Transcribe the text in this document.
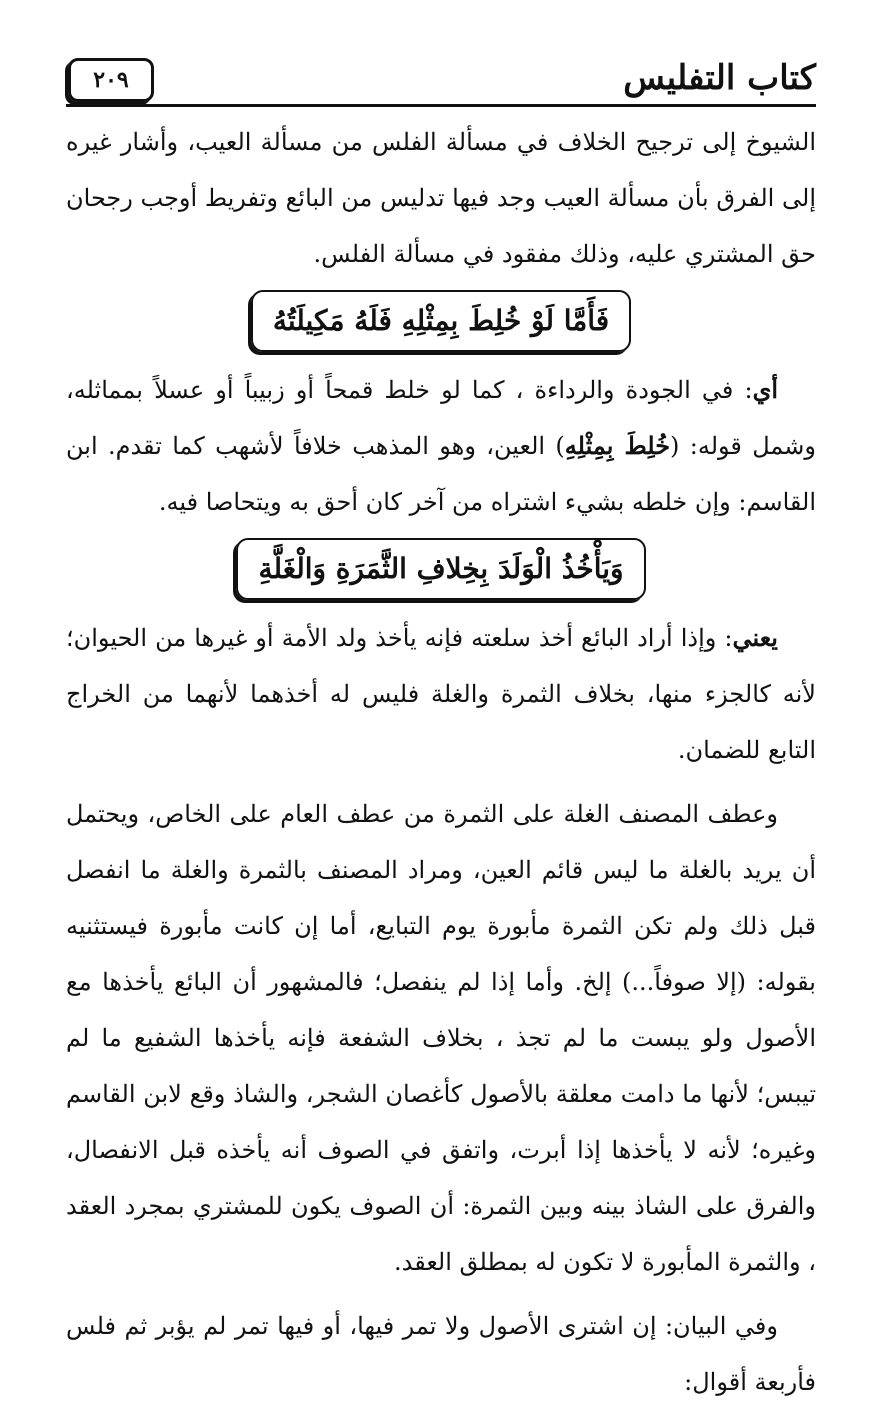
كتاب التفليس
٢٠٩

الشيوخ إلى ترجيح الخلاف في مسألة الفلس من مسألة العيب، وأشار غيره إلى الفرق بأن مسألة العيب وجد فيها تدليس من البائع وتفريط أوجب رجحان حق المشتري عليه، وذلك مفقود في مسألة الفلس.

فَأَمَّا لَوْ خُلِطَ بِمِثْلِهِ فَلَهُ مَكِيلَتُهُ

أي: في الجودة والرداءة ، كما لو خلط قمحاً أو زبيباً أو عسلاً بمماثله، وشمل قوله: (خُلِطَ بِمِثْلِهِ) العين، وهو المذهب خلافاً لأشهب كما تقدم. ابن القاسم: وإن خلطه بشيء اشتراه من آخر كان أحق به ويتحاصا فيه.

وَيَأْخُذُ الْوَلَدَ بِخِلافِ الثَّمَرَةِ وَالْغَلَّةِ

يعني: وإذا أراد البائع أخذ سلعته فإنه يأخذ ولد الأمة أو غيرها من الحيوان؛ لأنه كالجزء منها، بخلاف الثمرة والغلة فليس له أخذهما لأنهما من الخراج التابع للضمان.

وعطف المصنف الغلة على الثمرة من عطف العام على الخاص، ويحتمل أن يريد بالغلة ما ليس قائم العين، ومراد المصنف بالثمرة والغلة ما انفصل قبل ذلك ولم تكن الثمرة مأبورة يوم التبايع، أما إن كانت مأبورة فيستثنيه بقوله: (إلا صوفاً...) إلخ. وأما إذا لم ينفصل؛ فالمشهور أن البائع يأخذها مع الأصول ولو يبست ما لم تجذ ، بخلاف الشفعة فإنه يأخذها الشفيع ما لم تيبس؛ لأنها ما دامت معلقة بالأصول كأغصان الشجر، والشاذ وقع لابن القاسم وغيره؛ لأنه لا يأخذها إذا أبرت، واتفق في الصوف أنه يأخذه قبل الانفصال، والفرق على الشاذ بينه وبين الثمرة: أن الصوف يكون للمشتري بمجرد العقد ، والثمرة المأبورة لا تكون له بمطلق العقد.

وفي البيان: إن اشترى الأصول ولا تمر فيها، أو فيها تمر لم يؤبر ثم فلس فأربعة أقوال:
